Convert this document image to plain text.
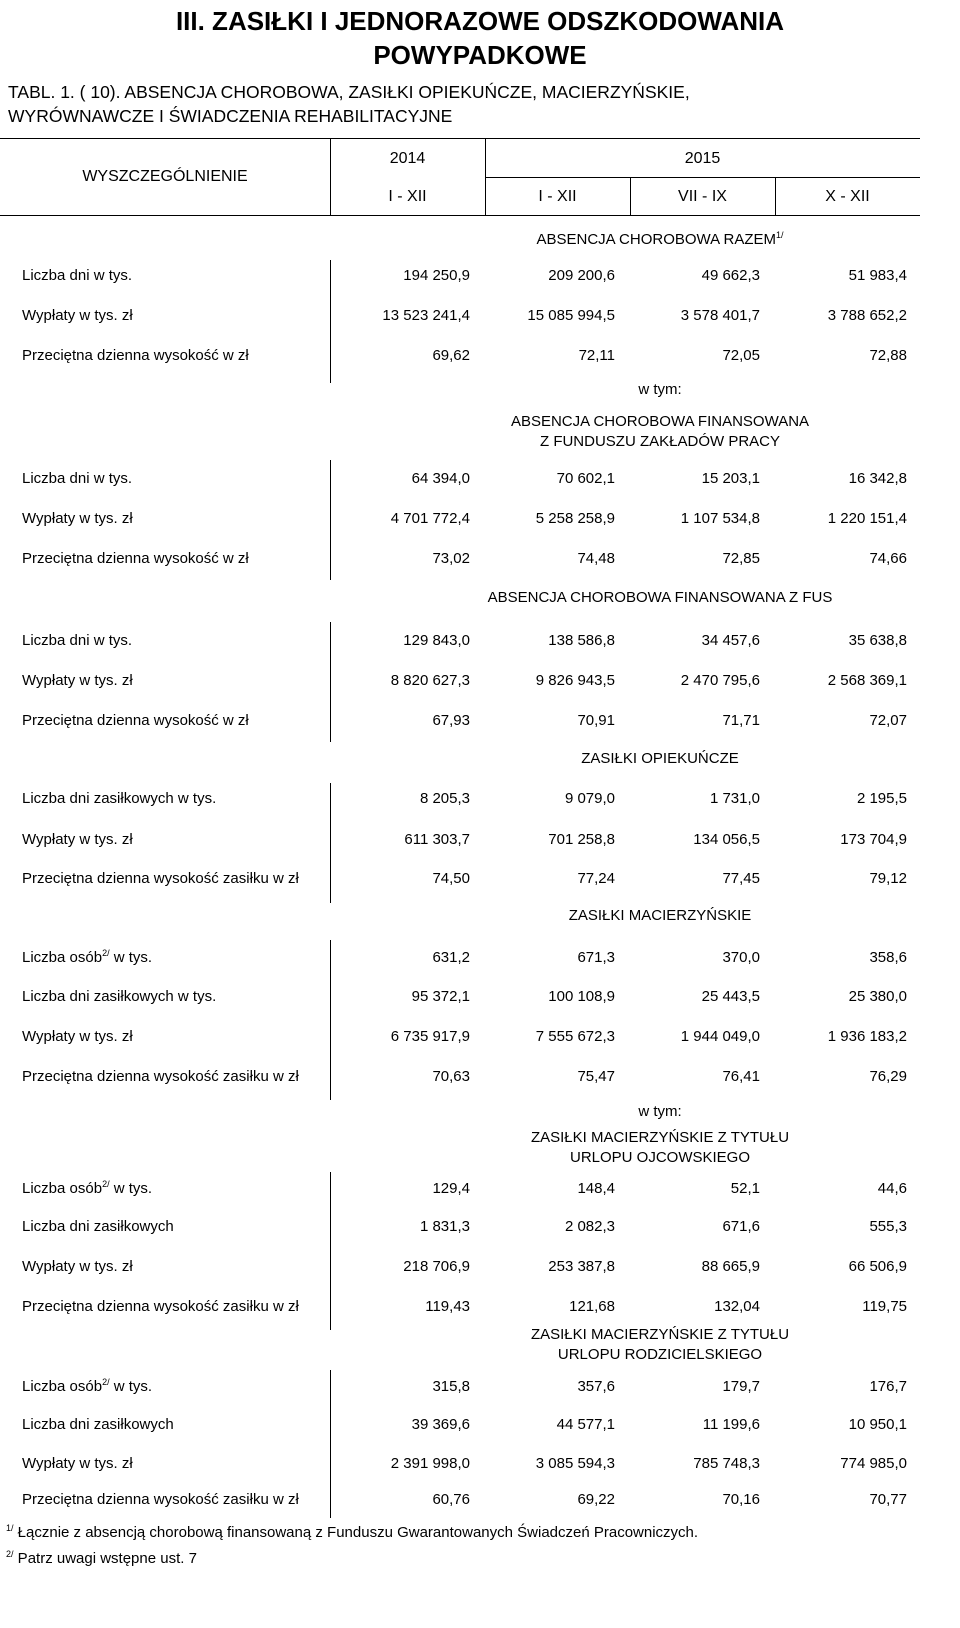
III. ZASIŁKI I JEDNORAZOWE ODSZKODOWANIA
POWYPADKOWE
TABL. 1. ( 10). ABSENCJA CHOROBOWA, ZASIŁKI OPIEKUŃCZE, MACIERZYŃSKIE,
WYRÓWNAWCZE I ŚWIADCZENIA REHABILITACYJNE
WYSZCZEGÓLNIENIE
2014	2015
I - XII	I - XII	VII - IX	X - XII
ABSENCJA CHOROBOWA $RAZEM^{1/}$
Liczba dni w tys.	194 250,9	209 200,6	49 662,3	51 983,4
Wypłaty w tys. zł	13 523 241,4	15 085 994,5	3 578 401,7	3 788 652,2
Przeciętna dzienna wysokość w zł	69,62	72,11	72,05	72,88
w tym:
ABSENCJA CHOROBOWA FINANSOWANA
Z FUNDUSZU ZAKŁADÓW PRACY
Liczba dni w tys.	64 394,0	70 602,1	15 203,1	16 342,8
Wypłaty w tys. zł	4 701 772,4	5 258 258,9	1 107 534,8	1 220 151,4
Przeciętna dzienna wysokość w zł	73,02	74,48	72,85	74,66
ABSENCJA CHOROBOWA FINANSOWANA Z FUS
Liczba dni w tys.	129 843,0	138 586,8	34 457,6	35 638,8
Wypłaty w tys. zł	8 820 627,3	9 826 943,5	2 470 795,6	2 568 369,1
Przeciętna dzienna wysokość w zł	67,93	70,91	71,71	72,07
ZASIŁKI OPIEKUŃCZE
Liczba dni zasiłkowych w tys.	8 205,3	9 079,0	1 731,0	2 195,5
Wypłaty w tys. zł	611 303,7	701 258,8	134 056,5	173 704,9
Przeciętna dzienna wysokość zasiłku w zł	74,50	77,24	77,45	79,12
ZASIŁKI MACIERZYŃSKIE
Liczba osób$^{2/}$ w tys.	631,2	671,3	370,0	358,6
Liczba dni zasiłkowych w tys.	95 372,1	100 108,9	25 443,5	25 380,0
Wypłaty w tys. zł	6 735 917,9	7 555 672,3	1 944 049,0	1 936 183,2
Przeciętna dzienna wysokość zasiłku w zł	70,63	75,47	76,41	76,29
w tym:
ZASIŁKI MACIERZYŃSKIE Z TYTUŁU
URLOPU OJCOWSKIEGO
Liczba osób$^{2/}$ w tys.	129,4	148,4	52,1	44,6
Liczba dni zasiłkowych	1 831,3	2 082,3	671,6	555,3
Wypłaty w tys. zł	218 706,9	253 387,8	88 665,9	66 506,9
Przeciętna dzienna wysokość zasiłku w zł	119,43	121,68	132,04	119,75
ZASIŁKI MACIERZYŃSKIE Z TYTUŁU
URLOPU RODZICIELSKIEGO
Liczba osób$^{2/}$ w tys.	315,8	357,6	179,7	176,7
Liczba dni zasiłkowych	39 369,6	44 577,1	11 199,6	10 950,1
Wypłaty w tys. zł	2 391 998,0	3 085 594,3	785 748,3	774 985,0
Przeciętna dzienna wysokość zasiłku w zł	60,76	69,22	70,16	70,77
$^{1/}$ Łącznie z absencją chorobową finansowaną z Funduszu Gwarantowanych Świadczeń Pracowniczych.
$^{2/}$ Patrz uwagi wstępne ust. 7
